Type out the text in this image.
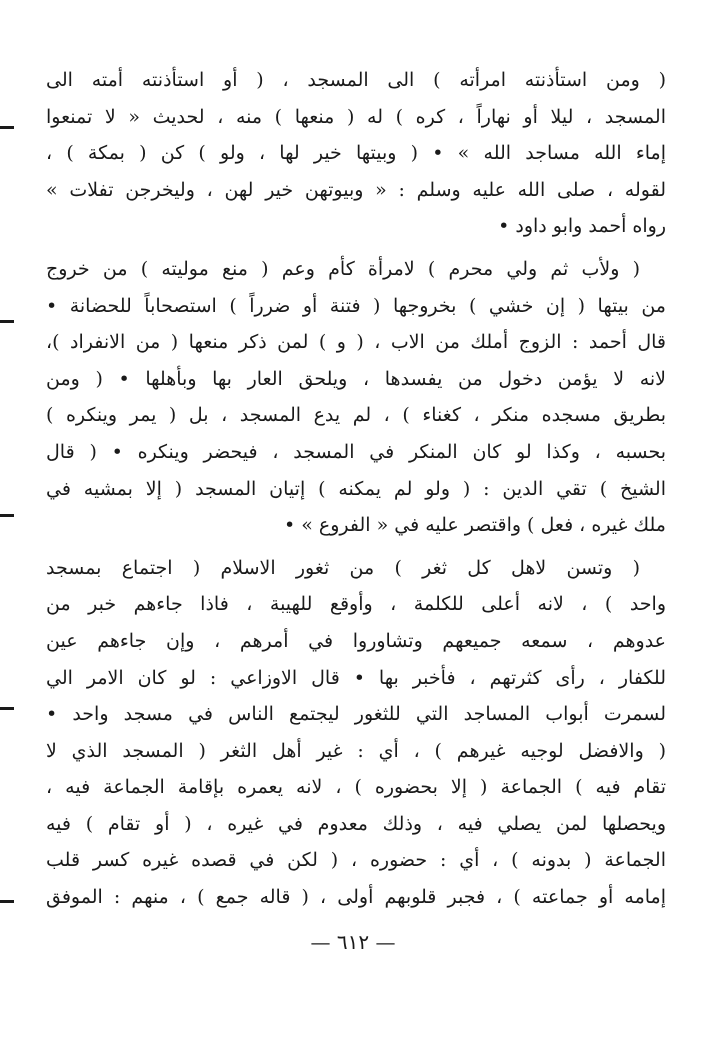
( ومن استأذنته امرأته ) الى المسجد ، ( أو استأذنته أمته الى
المسجد ، ليلا أو نهاراً ، كره ) له ( منعها ) منه ، لحديث « لا تمنعوا
إماء الله مساجد الله » • ( وبيتها خير لها ، ولو ) كن ( بمكة ) ،
لقوله ، صلى الله عليه وسلم : « وبيوتهن خير لهن ، وليخرجن تفلات »
رواه أحمد وابو داود •
( ولأب ثم ولي محرم ) لامرأة كأم وعم ( منع موليته ) من خروج
من بيتها ( إن خشي ) بخروجها ( فتنة أو ضرراً ) استصحاباً للحضانة •
قال أحمد : الزوج أملك من الاب ، ( و ) لمن ذكر منعها ( من الانفراد )،
لانه لا يؤمن دخول من يفسدها ، ويلحق العار بها وبأهلها • ( ومن
بطريق مسجده منكر ، كغناء ) ، لم يدع المسجد ، بل ( يمر وينكره )
بحسبه ، وكذا لو كان المنكر في المسجد ، فيحضر وينكره • ( قال
الشيخ ) تقي الدين : ( ولو لم يمكنه ) إتيان المسجد ( إلا بمشيه في
ملك غيره ، فعل ) واقتصر عليه في « الفروع » •
( وتسن لاهل كل ثغر ) من ثغور الاسلام ( اجتماع بمسجد
واحد ) ، لانه أعلى للكلمة ، وأوقع للهيبة ، فاذا جاءهم خبر من
عدوهم ، سمعه جميعهم وتشاوروا في أمرهم ، وإن جاءهم عين
للكفار ، رأى كثرتهم ، فأخبر بها • قال الاوزاعي : لو كان الامر الي
لسمرت أبواب المساجد التي للثغور ليجتمع الناس في مسجد واحد •
( والافضل لوجيه غيرهم ) ، أي : غير أهل الثغر ( المسجد الذي لا
تقام فيه ) الجماعة ( إلا بحضوره ) ، لانه يعمره بإقامة الجماعة فيه ،
ويحصلها لمن يصلي فيه ، وذلك معدوم في غيره ، ( أو تقام ) فيه
الجماعة ( بدونه ) ، أي : حضوره ، ( لكن في قصده غيره كسر قلب
إمامه أو جماعته ) ، فجبر قلوبهم أولى ، ( قاله جمع ) ، منهم : الموفق
— ٦١٢ —
